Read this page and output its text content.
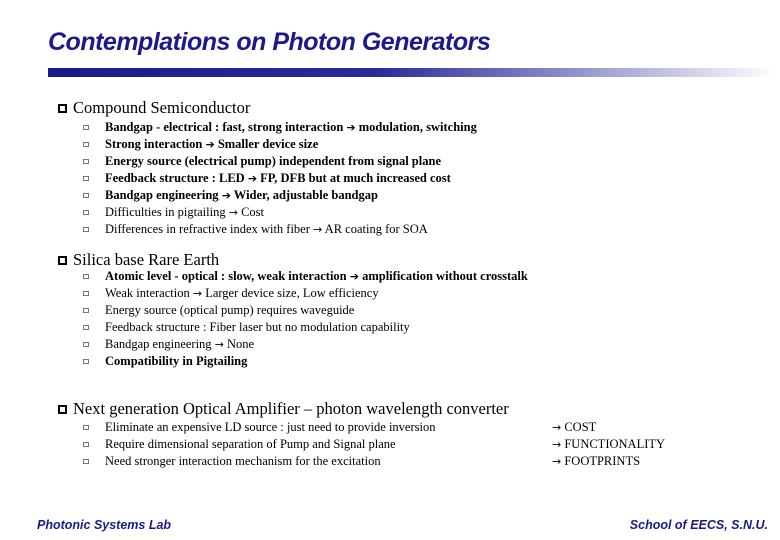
Contemplations on Photon Generators
Compound Semiconductor
Bandgap - electrical : fast, strong interaction ➔ modulation, switching
Strong interaction ➔ Smaller device size
Energy source (electrical pump) independent from signal plane
Feedback structure : LED ➔ FP, DFB but at much increased cost
Bandgap engineering ➔ Wider, adjustable bandgap
Difficulties in pigtailing → Cost
Differences in refractive index with fiber → AR coating for SOA
Silica base Rare Earth
Atomic level - optical : slow, weak interaction ➔ amplification without crosstalk
Weak interaction → Larger device size, Low efficiency
Energy source (optical pump) requires waveguide
Feedback structure : Fiber laser but no modulation capability
Bandgap engineering → None
Compatibility in Pigtailing
Next generation Optical Amplifier – photon wavelength converter
Eliminate an expensive LD source : just need to provide inversion
Require dimensional separation of Pump and Signal plane
Need stronger interaction mechanism for the excitation
→ COST
→ FUNCTIONALITY
→ FOOTPRINTS
Photonic Systems Lab	School of EECS, S.N.U.
